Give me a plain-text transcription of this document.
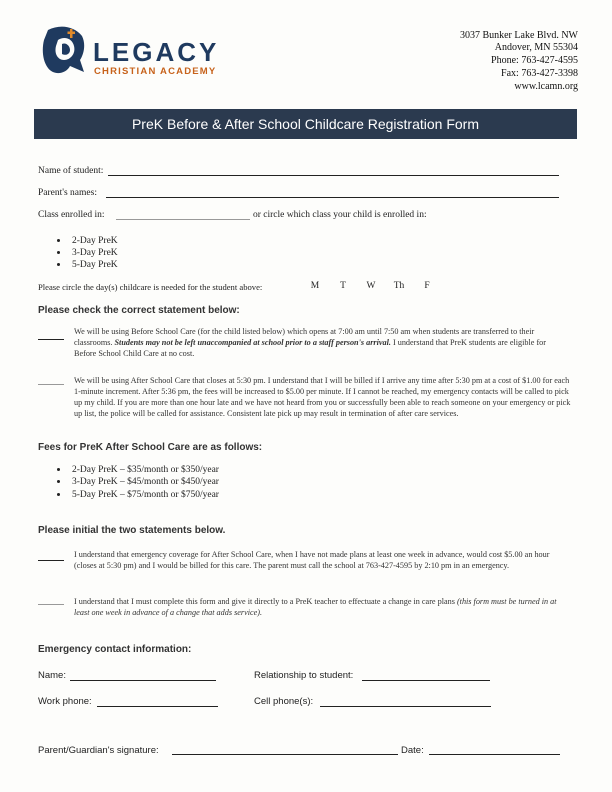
LEGACY
CHRISTIAN ACADEMY
3037 Bunker Lake Blvd. NW
Andover, MN 55304
Phone: 763-427-4595
Fax: 763-427-3398
www.lcamn.org
PreK Before & After School Childcare Registration Form
Name of student:
Parent's names:
Class enrolled in:	or circle which class your child is enrolled in:
2-Day PreK
3-Day PreK
5-Day PreK
Please circle the day(s) childcare is needed for the student above:	M T W Th F
Please check the correct statement below:
We will be using Before School Care (for the child listed below) which opens at 7:00 am until 7:50 am when students are transferred to their classrooms. Students may not be left unaccompanied at school prior to a staff person's arrival. I understand that PreK students are eligible for Before School Child Care at no cost.
We will be using After School Care that closes at 5:30 pm. I understand that I will be billed if I arrive any time after 5:30 pm at a cost of $1.00 for each 1-minute increment. After 5:36 pm, the fees will be increased to $5.00 per minute. If I cannot be reached, my emergency contacts will be called to pick up my child. If you are more than one hour late and we have not heard from you or successfully been able to reach someone on your emergency or pick up list, the police will be called for assistance. Consistent late pick up may result in termination of after care services.
Fees for PreK After School Care are as follows:
2-Day PreK – $35/month or $350/year
3-Day PreK – $45/month or $450/year
5-Day PreK – $75/month or $750/year
Please initial the two statements below.
I understand that emergency coverage for After School Care, when I have not made plans at least one week in advance, would cost $5.00 an hour (closes at 5:30 pm) and I would be billed for this care. The parent must call the school at 763-427-4595 by 2:10 pm in an emergency.
I understand that I must complete this form and give it directly to a PreK teacher to effectuate a change in care plans (this form must be turned in at least one week in advance of a change that adds service).
Emergency contact information:
Name:	Relationship to student:
Work phone:	Cell phone(s):
Parent/Guardian's signature:	Date:
